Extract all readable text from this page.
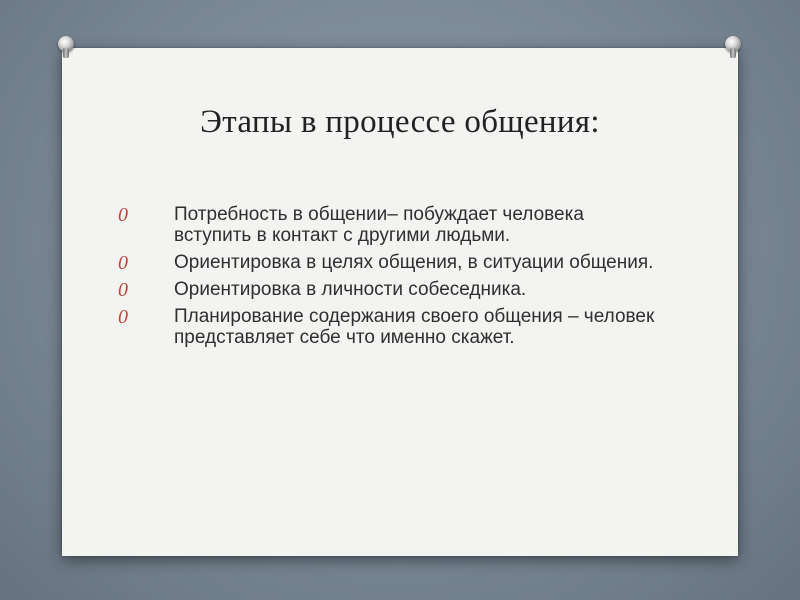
Этапы в процессе общения:
0 Потребность в общении– побуждает человека вступить в контакт с другими людьми.
0 Ориентировка в целях общения, в ситуации общения.
0 Ориентировка в личности собеседника.
0 Планирование содержания своего общения – человек представляет себе что именно скажет.
